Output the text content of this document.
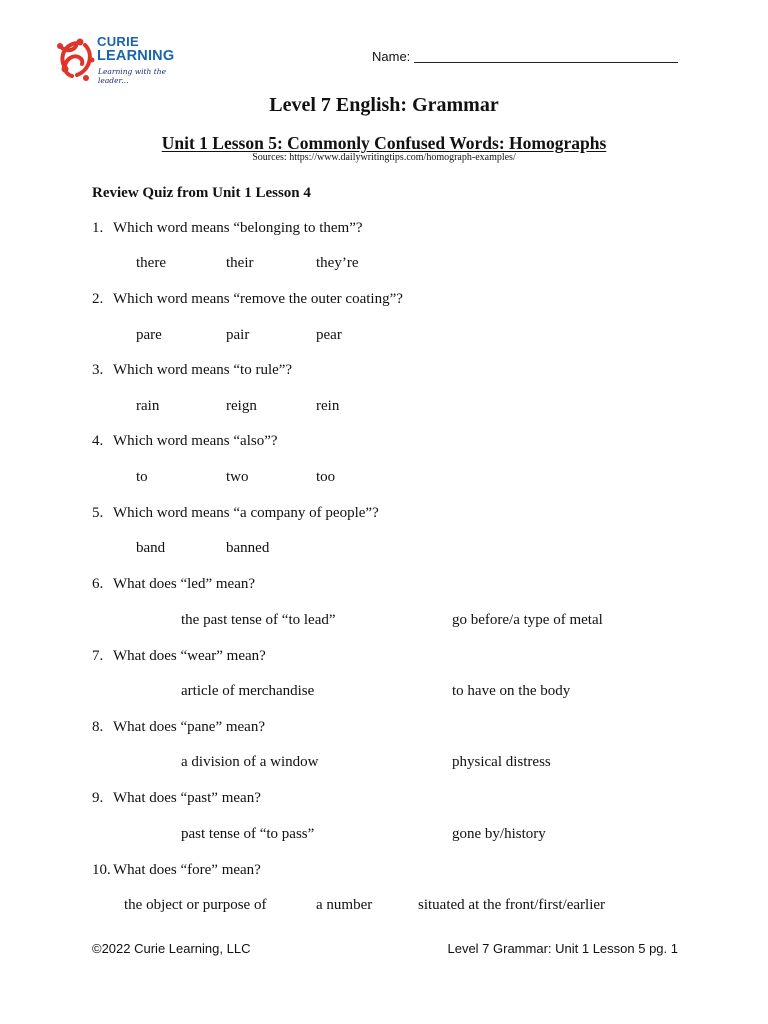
CURIE
LEARNING
Learning with the leader...
Name:
Level 7 English: Grammar
Unit 1 Lesson 5: Commonly Confused Words: Homographs
Sources: https://www.dailywritingtips.com/homograph-examples/
Review Quiz from Unit 1 Lesson 4
1. Which word means “belonging to them”?
there	their	they’re
2. Which word means “remove the outer coating”?
pare	pair	pear
3. Which word means “to rule”?
rain	reign	rein
4. Which word means “also”?
to	two	too
5. Which word means “a company of people”?
band	banned
6. What does “led” mean?
the past tense of “to lead”	go before/a type of metal
7. What does “wear” mean?
article of merchandise	to have on the body
8. What does “pane” mean?
a division of a window	physical distress
9. What does “past” mean?
past tense of “to pass”	gone by/history
10. What does “fore” mean?
the object or purpose of	a number	situated at the front/first/earlier
©2022 Curie Learning, LLC	Level 7 Grammar: Unit 1 Lesson 5 pg. 1
